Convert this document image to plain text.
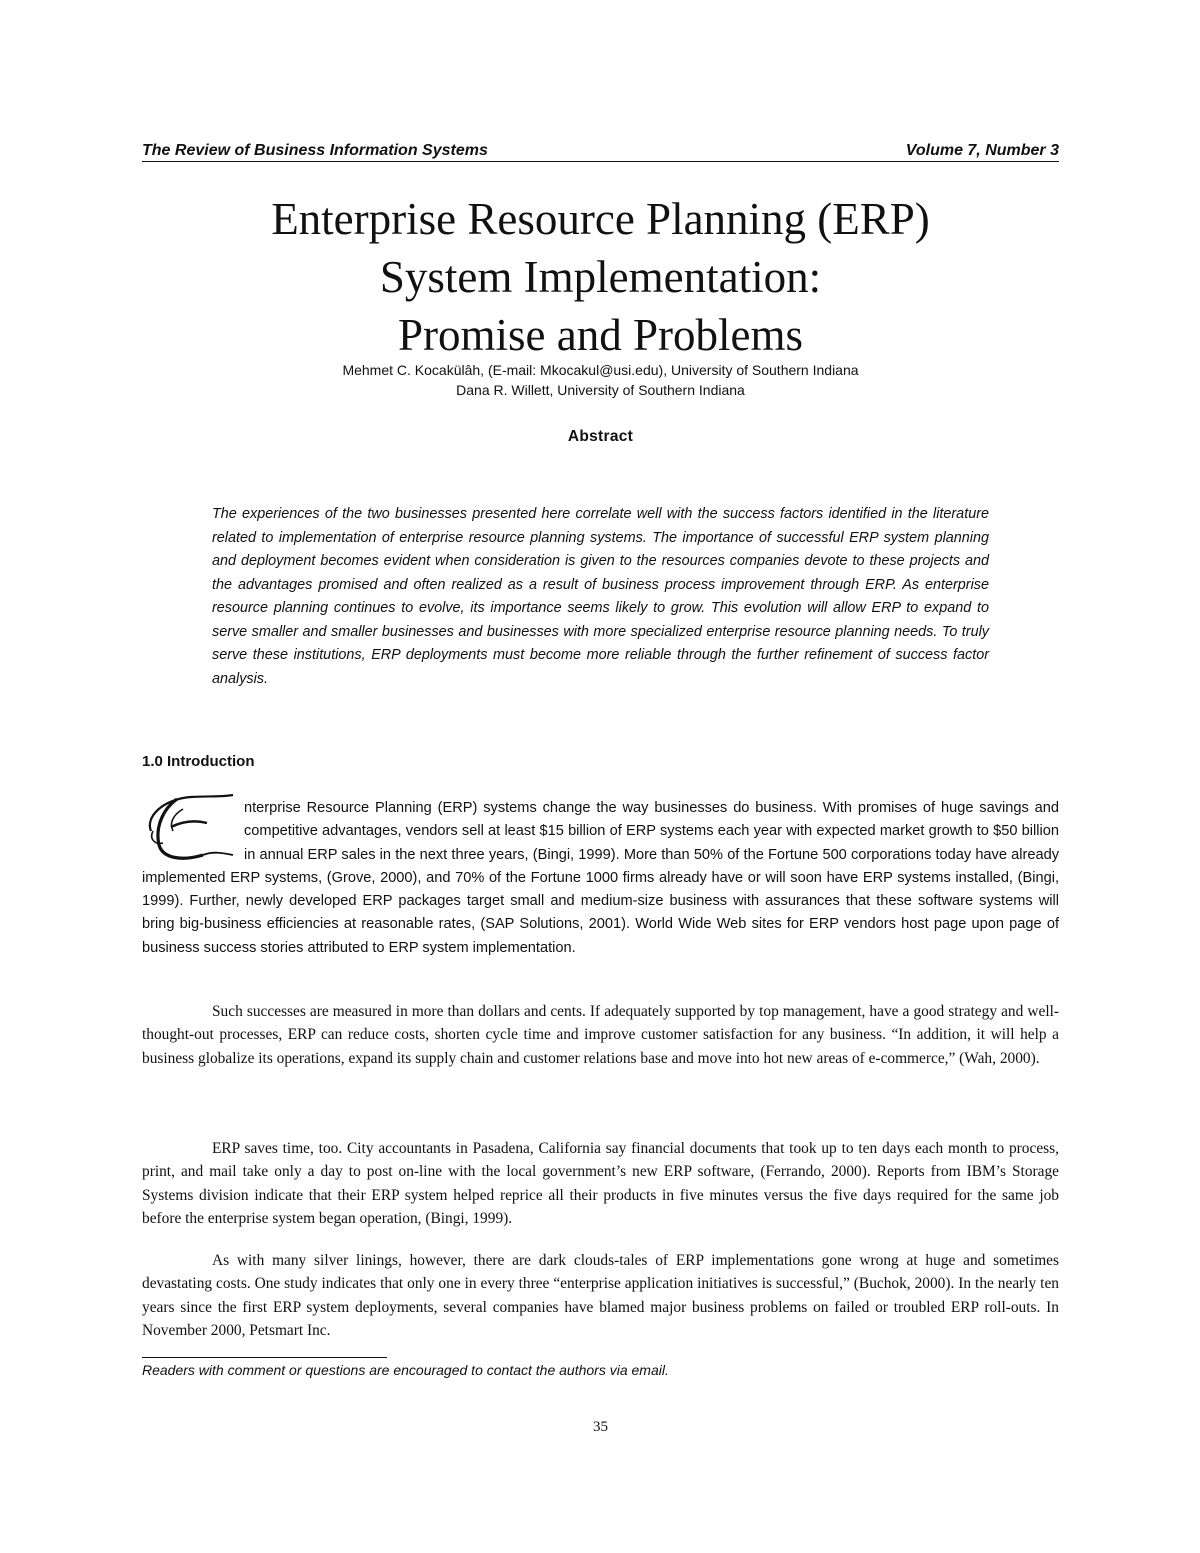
The Review of Business Information Systems	Volume 7, Number 3
Enterprise Resource Planning (ERP)
System Implementation:
Promise and Problems
Mehmet C. Kocakülâh, (E-mail: Mkocakul@usi.edu), University of Southern Indiana
Dana R. Willett, University of Southern Indiana
Abstract

The experiences of the two businesses presented here correlate well with the success factors identified in the literature related to implementation of enterprise resource planning systems. The importance of successful ERP system planning and deployment becomes evident when consideration is given to the resources companies devote to these projects and the advantages promised and often realized as a result of business process improvement through ERP. As enterprise resource planning continues to evolve, its importance seems likely to grow. This evolution will allow ERP to expand to serve smaller and smaller businesses and businesses with more specialized enterprise resource planning needs. To truly serve these institutions, ERP deployments must become more reliable through the further refinement of success factor analysis.

1.0 Introduction

nterprise Resource Planning (ERP) systems change the way businesses do business. With promises of huge savings and competitive advantages, vendors sell at least $15 billion of ERP systems each year with expected market growth to $50 billion in annual ERP sales in the next three years, (Bingi, 1999). More than 50% of the Fortune 500 corporations today have already implemented ERP systems, (Grove, 2000), and 70% of the Fortune 1000 firms already have or will soon have ERP systems installed, (Bingi, 1999). Further, newly developed ERP packages target small and medium-size business with assurances that these software systems will bring big-business efficiencies at reasonable rates, (SAP Solutions, 2001). World Wide Web sites for ERP vendors host page upon page of business success stories attributed to ERP system implementation.

Such successes are measured in more than dollars and cents. If adequately supported by top management, have a good strategy and well-thought-out processes, ERP can reduce costs, shorten cycle time and improve customer satisfaction for any business. “In addition, it will help a business globalize its operations, expand its supply chain and customer relations base and move into hot new areas of e-commerce,” (Wah, 2000).

ERP saves time, too. City accountants in Pasadena, California say financial documents that took up to ten days each month to process, print, and mail take only a day to post on-line with the local government’s new ERP software, (Ferrando, 2000). Reports from IBM’s Storage Systems division indicate that their ERP system helped reprice all their products in five minutes versus the five days required for the same job before the enterprise system began operation, (Bingi, 1999).

As with many silver linings, however, there are dark clouds-tales of ERP implementations gone wrong at huge and sometimes devastating costs. One study indicates that only one in every three “enterprise application initiatives is successful,” (Buchok, 2000). In the nearly ten years since the first ERP system deployments, several companies have blamed major business problems on failed or troubled ERP roll-outs. In November 2000, Petsmart Inc.

Readers with comment or questions are encouraged to contact the authors via email.
35
